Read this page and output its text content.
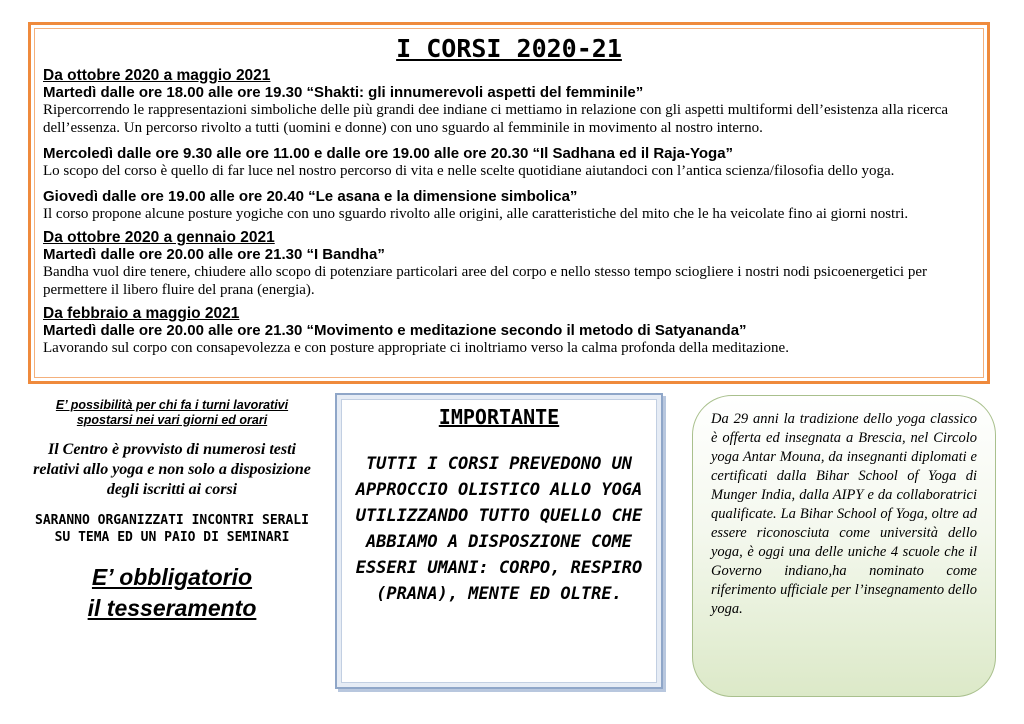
I CORSI 2020-21
Da ottobre 2020 a maggio 2021
Martedì dalle ore 18.00 alle ore 19.30 “Shakti: gli innumerevoli aspetti del femminile”
Ripercorrendo le rappresentazioni simboliche delle più grandi dee indiane ci mettiamo in relazione con gli aspetti multiformi dell’esistenza alla ricerca dell’essenza. Un percorso rivolto a tutti (uomini e donne) con uno sguardo al femminile in movimento al nostro interno.
Mercoledì dalle ore 9.30 alle ore 11.00 e dalle ore 19.00 alle ore 20.30 “Il Sadhana ed il Raja-Yoga”
Lo scopo del corso è quello di far luce nel nostro percorso di vita e nelle scelte quotidiane aiutandoci con l’antica scienza/filosofia dello yoga.
Giovedì dalle ore 19.00 alle ore 20.40 “Le asana e la dimensione simbolica”
Il corso propone alcune posture yogiche con uno sguardo rivolto alle origini, alle caratteristiche del mito che le ha veicolate fino ai giorni nostri.
Da ottobre 2020 a gennaio 2021
Martedì dalle ore 20.00 alle ore 21.30 “I Bandha”
Bandha vuol dire tenere, chiudere allo scopo di potenziare particolari aree del corpo e nello stesso tempo sciogliere i nostri nodi psicoenergetici per permettere il libero fluire del prana (energia).
Da febbraio a maggio 2021
Martedì dalle ore 20.00 alle ore 21.30 “Movimento e meditazione secondo il metodo di Satyananda”
Lavorando sul corpo con consapevolezza e con posture appropriate ci inoltriamo verso la calma profonda della meditazione.
E’ possibilità per chi fa i turni lavorativi spostarsi nei vari giorni ed orari
Il Centro è provvisto di numerosi testi relativi allo yoga e non solo a disposizione degli iscritti ai corsi
SARANNO ORGANIZZATI INCONTRI SERALI SU TEMA ED UN PAIO DI SEMINARI
E’ obbligatorio
il tesseramento
IMPORTANTE
TUTTI I CORSI PREVEDONO UN APPROCCIO OLISTICO ALLO YOGA UTILIZZANDO TUTTO QUELLO CHE ABBIAMO A DISPOSZIONE COME ESSERI UMANI: CORPO, RESPIRO (PRANA), MENTE ED OLTRE.
Da 29 anni la tradizione dello yoga classico è offerta ed insegnata a Brescia, nel Circolo yoga Antar Mouna, da insegnanti diplomati e certificati dalla Bihar School of Yoga di Munger India, dalla AIPY e da collaboratrici qualificate. La Bihar School of Yoga, oltre ad essere riconosciuta come università dello yoga, è oggi una delle uniche 4 scuole che il Governo indiano,ha nominato come riferimento ufficiale per l’insegnamento dello yoga.
